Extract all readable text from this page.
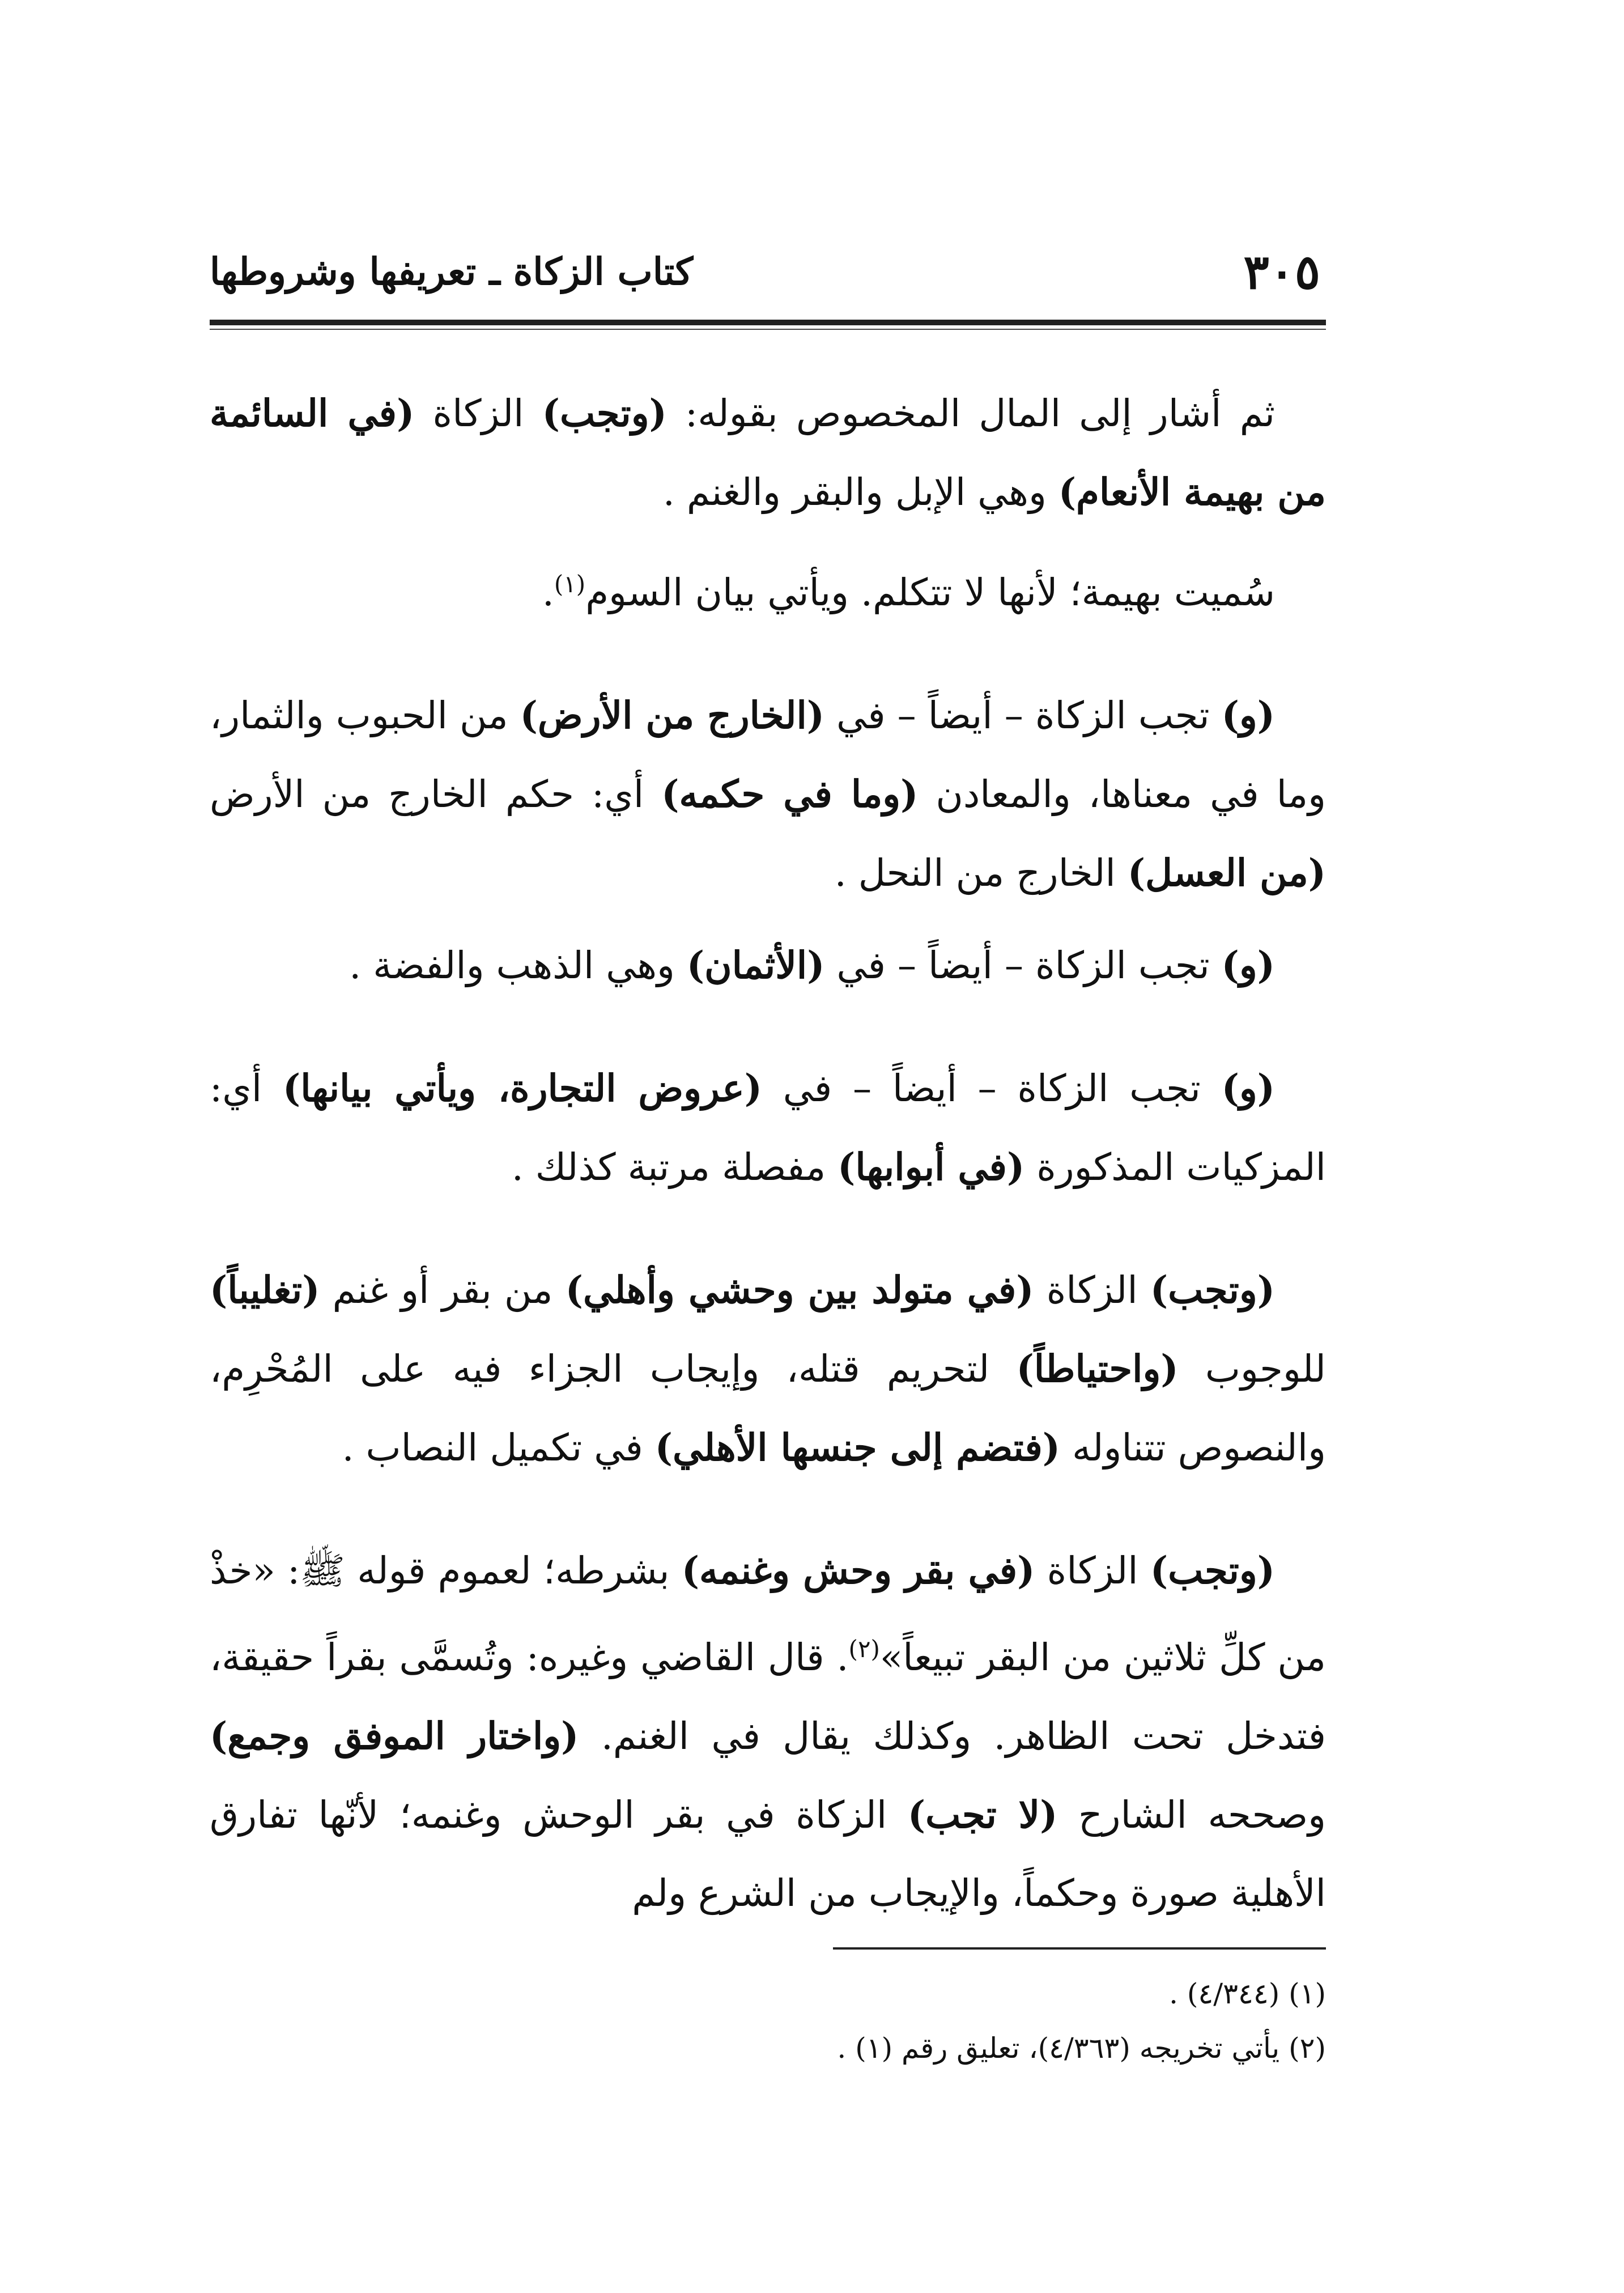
كتاب الزكاة ـ تعريفها وشروطها	٣٠٥

ثم أشار إلى المال المخصوص بقوله: (وتجب) الزكاة (في السائمة من بهيمة الأنعام) وهي الإبل والبقر والغنم .

سُميت بهيمة؛ لأنها لا تتكلم. ويأتي بيان السوم$^{(١)}$.

(و) تجب الزكاة – أيضاً – في (الخارج من الأرض) من الحبوب والثمار، وما في معناها، والمعادن (وما في حكمه) أي: حكم الخارج من الأرض (من العسل) الخارج من النحل .

(و) تجب الزكاة – أيضاً – في (الأثمان) وهي الذهب والفضة .

(و) تجب الزكاة – أيضاً – في (عروض التجارة، ويأتي بيانها) أي: المزكيات المذكورة (في أبوابها) مفصلة مرتبة كذلك .

(وتجب) الزكاة (في متولد بين وحشي وأهلي) من بقر أو غنم (تغليباً) للوجوب (واحتياطاً) لتحريم قتله، وإيجاب الجزاء فيه على المُحْرِم، والنصوص تتناوله (فتضم إلى جنسها الأهلي) في تكميل النصاب .

(وتجب) الزكاة (في بقر وحش وغنمه) بشرطه؛ لعموم قوله ﷺ: «خذْ من كلِّ ثلاثين من البقر تبيعاً»$^{(٢)}$. قال القاضي وغيره: وتُسمَّى بقراً حقيقة، فتدخل تحت الظاهر. وكذلك يقال في الغنم. (واختار الموفق وجمع) وصححه الشارح (لا تجب) الزكاة في بقر الوحش وغنمه؛ لأنّها تفارق الأهلية صورة وحكماً، والإيجاب من الشرع ولم

(١) (٤/٣٤٤) .

(٢) يأتي تخريجه (٤/٣٦٣)، تعليق رقم (١) .
